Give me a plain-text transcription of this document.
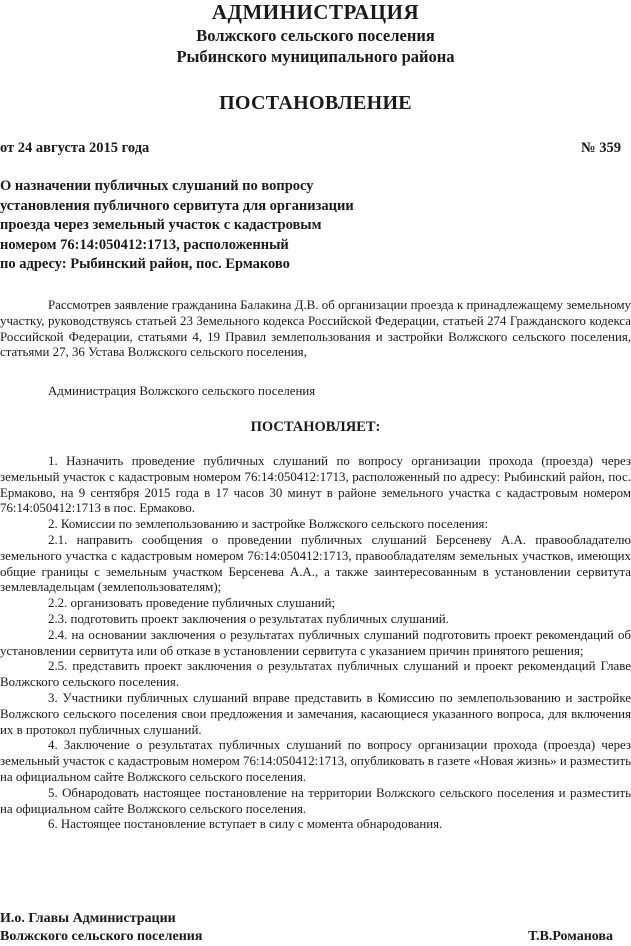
АДМИНИСТРАЦИЯ
Волжского сельского поселения
Рыбинского муниципального района
ПОСТАНОВЛЕНИЕ
от 24 августа 2015 года	№ 359
О назначении публичных слушаний по вопросу
установления публичного сервитута для организации
проезда через земельный участок с кадастровым
номером 76:14:050412:1713, расположенный
по адресу: Рыбинский район, пос. Ермаково
Рассмотрев заявление гражданина Балакина Д.В. об организации проезда к принадлежащему земельному участку, руководствуясь статьей 23 Земельного кодекса Российской Федерации, статьей 274 Гражданского кодекса Российской Федерации, статьями 4, 19 Правил землепользования и застройки Волжского сельского поселения, статьями 27, 36 Устава Волжского сельского поселения,
Администрация Волжского сельского поселения
ПОСТАНОВЛЯЕТ:
1. Назначить проведение публичных слушаний по вопросу организации прохода (проезда) через земельный участок с кадастровым номером 76:14:050412:1713, расположенный по адресу: Рыбинский район, пос. Ермаково, на 9 сентября 2015 года в 17 часов 30 минут в районе земельного участка с кадастровым номером 76:14:050412:1713 в пос. Ермаково.
2. Комиссии по землепользованию и застройке Волжского сельского поселения:
2.1. направить сообщения о проведении публичных слушаний Берсеневу А.А. правообладателю земельного участка с кадастровым номером 76:14:050412:1713, правообладателям земельных участков, имеющих общие границы с земельным участком Берсенева А.А., а также заинтересованным в установлении сервитута землевладельцам (землепользователям);
2.2. организовать проведение публичных слушаний;
2.3. подготовить проект заключения о результатах публичных слушаний.
2.4. на основании заключения о результатах публичных слушаний подготовить проект рекомендаций об установлении сервитута или об отказе в установлении сервитута с указанием причин принятого решения;
2.5. представить проект заключения о результатах публичных слушаний и проект рекомендаций Главе Волжского сельского поселения.
3. Участники публичных слушаний вправе представить в Комиссию по землепользованию и застройке Волжского сельского поселения свои предложения и замечания, касающиеся указанного вопроса, для включения их в протокол публичных слушаний.
4. Заключение о результатах публичных слушаний по вопросу организации прохода (проезда) через земельный участок с кадастровым номером 76:14:050412:1713, опубликовать в газете «Новая жизнь» и разместить на официальном сайте Волжского сельского поселения.
5. Обнародовать настоящее постановление на территории Волжского сельского поселения и разместить на официальном сайте Волжского сельского поселения.
6. Настоящее постановление вступает в силу с момента обнародования.
И.о. Главы Администрации
Волжского сельского поселения	Т.В.Романова
